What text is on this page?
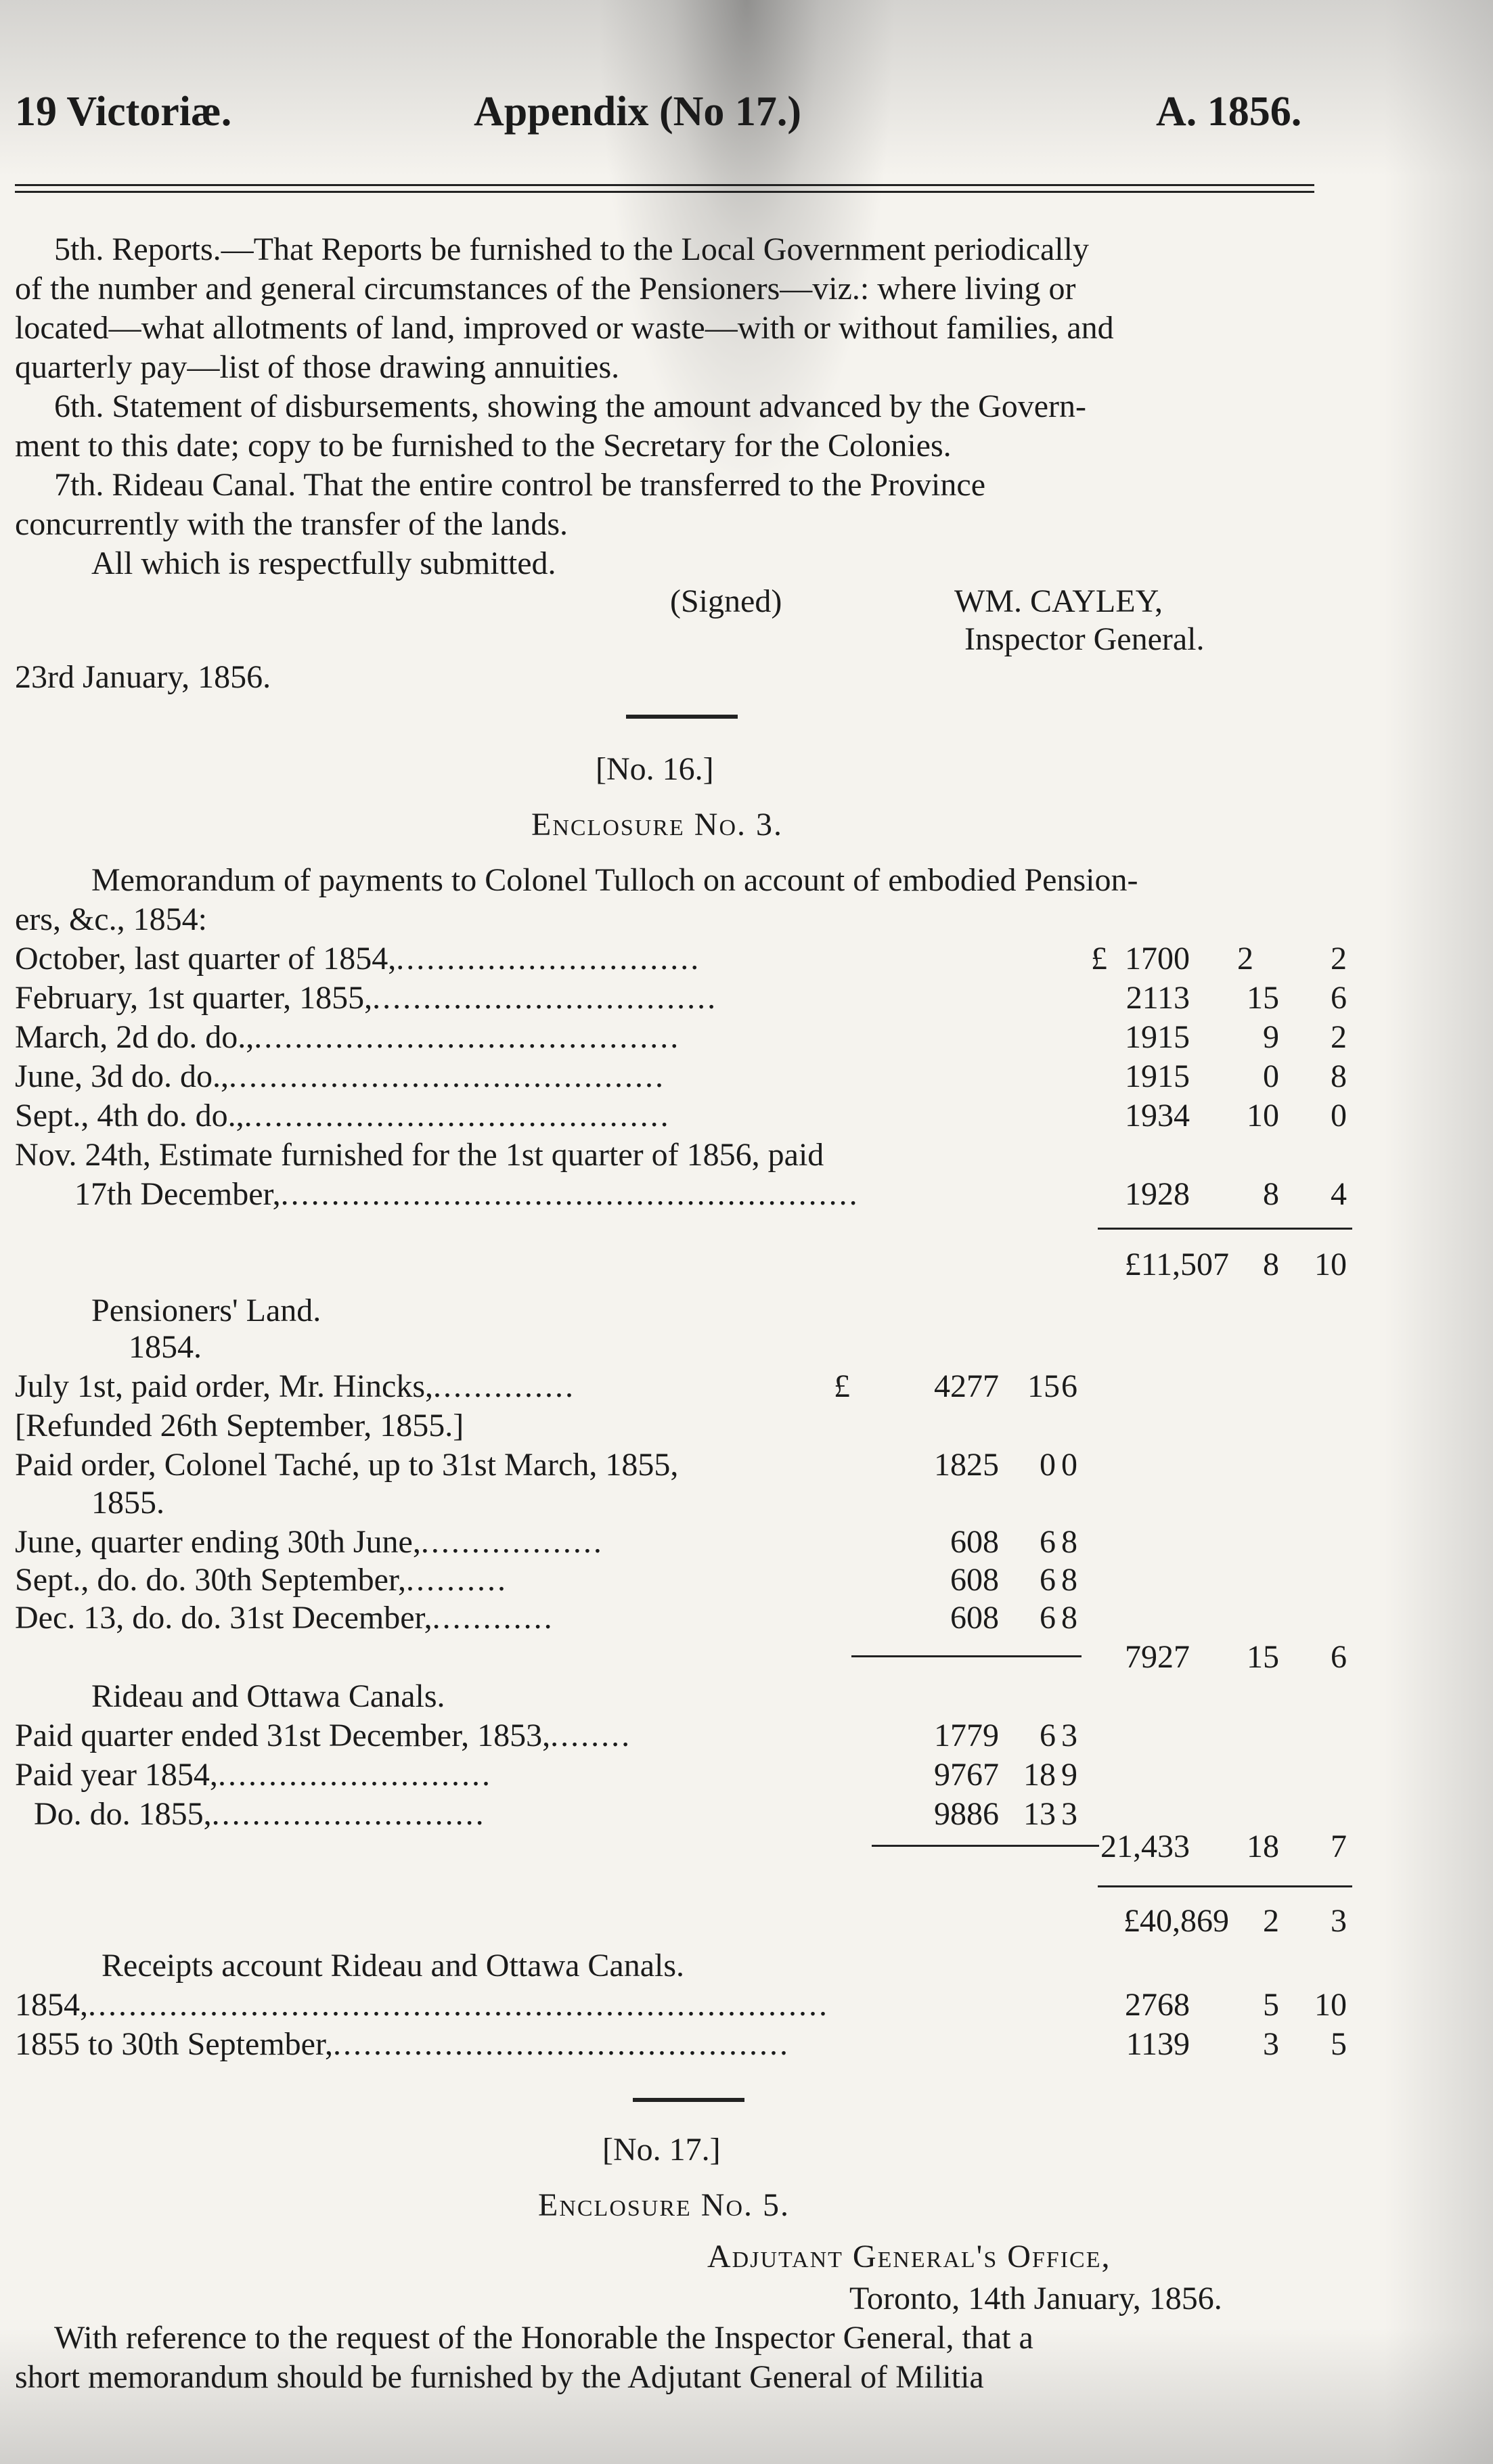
19 Victoriæ.	Appendix (No 17.)	A. 1856.
5th. Reports.—That Reports be furnished to the Local Government periodically
of the number and general circumstances of the Pensioners—viz.: where living or
located—what allotments of land, improved or waste—with or without families, and
quarterly pay—list of those drawing annuities.
6th. Statement of disbursements, showing the amount advanced by the Govern-
ment to this date; copy to be furnished to the Secretary for the Colonies.
7th. Rideau Canal. That the entire control be transferred to the Province
concurrently with the transfer of the lands.
All which is respectfully submitted.
(Signed)	WM. CAYLEY,
Inspector General.
23rd January, 1856.
[No. 16.]
Enclosure No. 3.
Memorandum of payments to Colonel Tulloch on account of embodied Pension-
ers, &c., 1854:
October, last quarter of 1854,..............................	£ 1700 2 2
February, 1st quarter, 1855,..................................	2113 15 6
March, 2d do. do.,..........................................	1915 9 2
June, 3d do. do.,...........................................	1915 0 8
Sept., 4th do. do.,..........................................	1934 10 0
Nov. 24th, Estimate furnished for the 1st quarter of 1856, paid
17th December,.........................................................	1928 8 4
£11,507 8 10
Pensioners' Land.
1854.
July 1st, paid order, Mr. Hincks,..............	£	4277 15 6
[Refunded 26th September, 1855.]
Paid order, Colonel Taché, up to 31st March, 1855,	1825 0 0
1855.
June, quarter ending 30th June,..................	608 6 8
Sept., do. do. 30th September,..........	608 6 8
Dec. 13, do. do. 31st December,............	608 6 8
7927 15 6
Rideau and Ottawa Canals.
Paid quarter ended 31st December, 1853,........	1779 6 3
Paid year 1854,...........................	9767 18 9
Do. do. 1855,...........................	9886 13 3
21,433 18 7
£40,869 2 3
Receipts account Rideau and Ottawa Canals.
1854,.........................................................................	2768 5 10
1855 to 30th September,.............................................	1139 3 5
[No. 17.]
Enclosure No. 5.
Adjutant General's Office,
Toronto, 14th January, 1856.
With reference to the request of the Honorable the Inspector General, that a
short memorandum should be furnished by the Adjutant General of Militia
